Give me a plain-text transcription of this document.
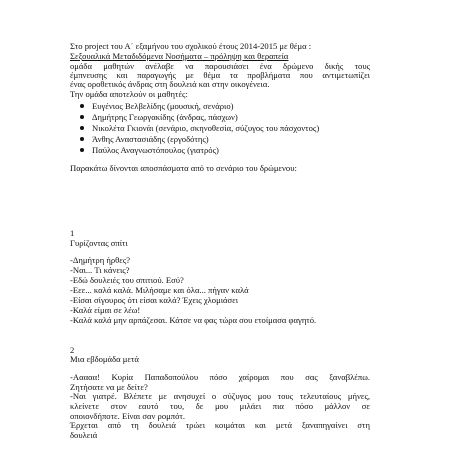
Στο project του Α΄ εξαμήνου του σχολικού έτους 2014-2015 με θέμα :
Σεξουαλικά Μεταδιδόμενα Νοσήματα – πρόληψη και θεραπεία
ομάδα μαθητών ανέλαβε να παρουσιάσει ένα δρώμενο δικής τους
έμπνευσης και παραγωγής με θέμα τα προβλήματα που αντιμετωπίζει
ένας οροθετικός άνδρας στη δουλειά και στην οικογένεια.
Την ομάδα αποτελούν οι μαθητές:
Ευγένιος Βελβελίδης (μουσική, σενάριο)
Δημήτρης Γεωργακίδης (άνδρας, πάσχων)
Νικολέτα Γκιονάι (σενάριο, σκηνοθεσία, σύζυγος του πάσχοντος)
Άνθης Αναστασιάδης (εργοδότης)
Παύλος Αναγνωστόπουλος (γιατρός)
Παρακάτω δίνονται αποσπάσματα από το σενάριο του δρώμενου:
1
Γυρίζοντας σπίτι
-Δημήτρη ήρθες?
-Ναι... Τι κάνεις?
-Εδώ δουλειές του σπιτιού. Εσύ?
-Εεε... καλά καλά. Μιλήσαμε και όλα... πήγαν καλά
-Είσαι σίγουρος ότι είσαι καλά? Έχεις χλομιάσει
-Καλά είμαι σε λέω!
-Καλά καλά μην αρπάζεσαι. Κάτσε να φας τώρα σου ετοίμασα φαγητό.
2
Μια εβδομάδα μετά
-Ααααα! Κυρία Παπαδοπούλου πόσο χαίρομαι που σας ξαναβλέπω.
Ζητήσατε να με δείτε?
-Ναι γιατρέ. Βλέπετε με ανησυχεί ο σύζυγος μου τους τελευταίους μήνες,
κλείνετε στον εαυτό του, δε μου μιλάει πια πόσο μάλλον σε
οποιονδήποτε. Είναι σαν ρομπότ.
Έρχεται από τη δουλειά τρώει κοιμάται και μετά ξαναπηγαίνει στη
δουλειά
